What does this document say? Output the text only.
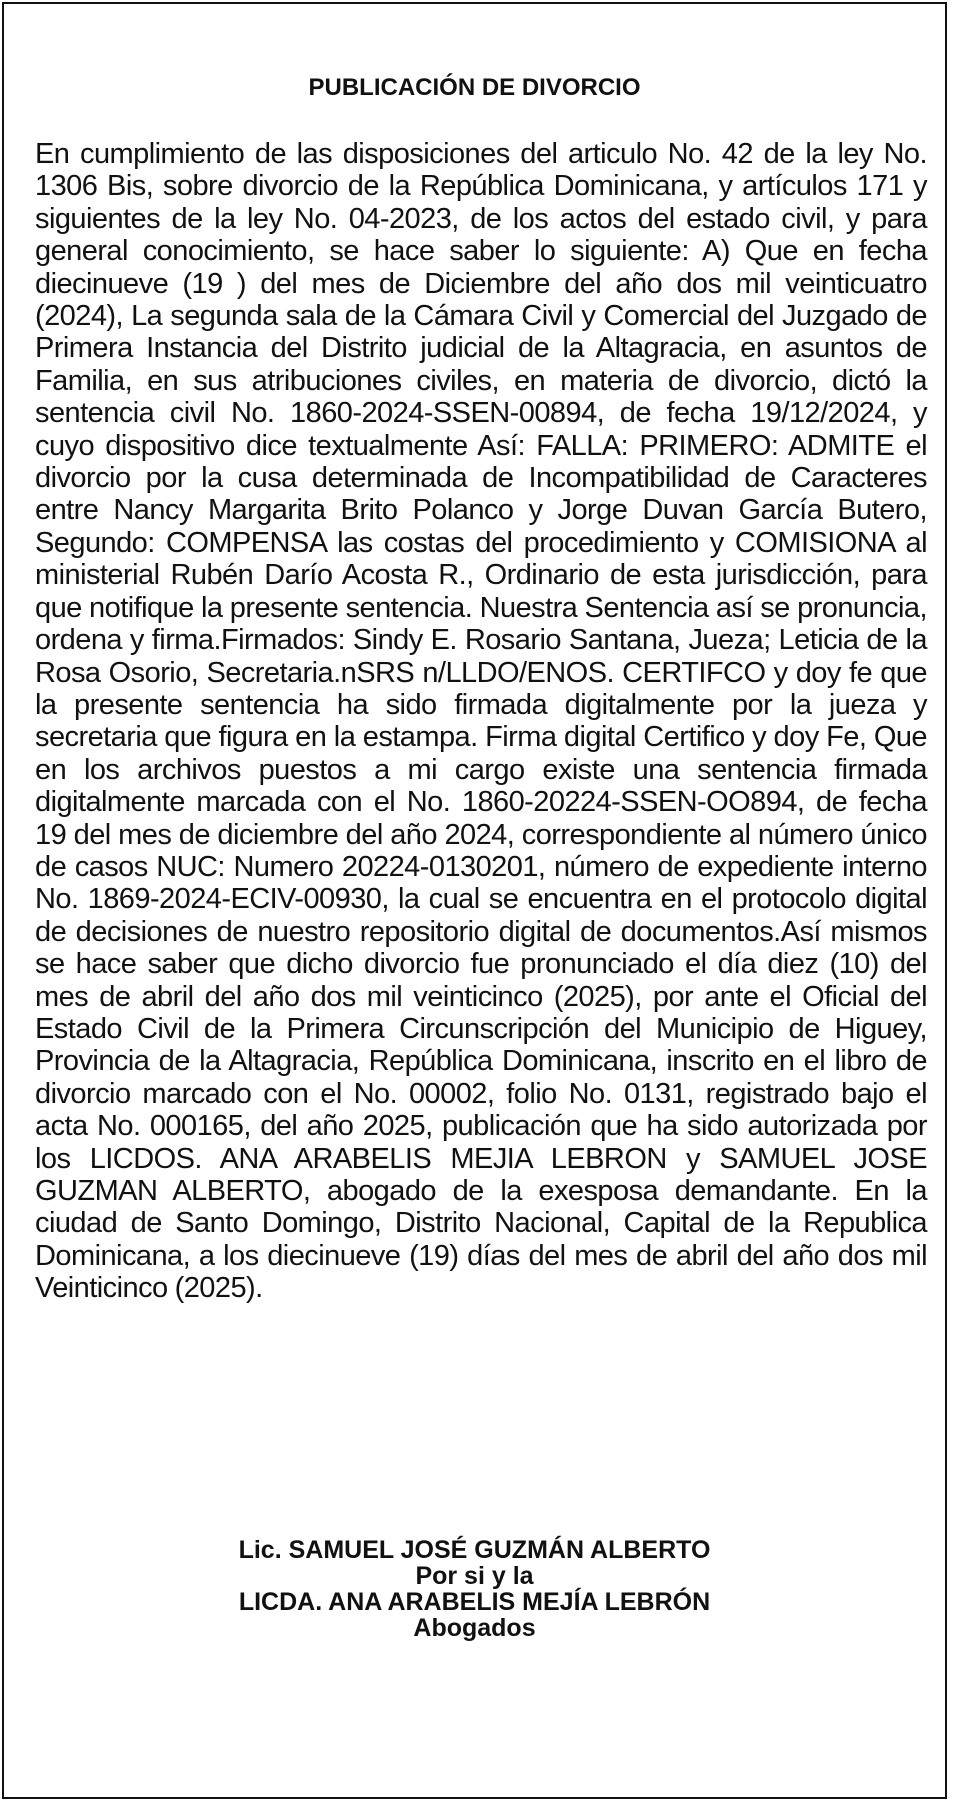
PUBLICACIÓN DE DIVORCIO

En cumplimiento de las disposiciones del articulo No. 42 de la ley No. 1306 Bis, sobre divorcio de la República Dominicana, y artículos 171 y siguientes de la ley No. 04-2023, de los actos del estado civil, y para general conocimiento, se hace saber lo siguiente: A) Que en fecha diecinueve (19 ) del mes de Diciembre del año dos mil veinticuatro (2024), La segunda sala de la Cámara Civil y Comercial del Juzgado de Primera Instancia del Distrito judicial de la Altagracia, en asuntos de Familia, en sus atribuciones civiles, en materia de divorcio, dictó la sentencia civil No. 1860-2024-SSEN-00894, de fecha 19/12/2024, y cuyo dispositivo dice textualmente Así: FALLA: PRIMERO: ADMITE el divorcio por la cusa determinada de Incompatibilidad de Caracteres entre Nancy Margarita Brito Polanco y Jorge Duvan García Butero, Segundo: COMPENSA las costas del procedimiento y COMISIONA al ministerial Rubén Darío Acosta R., Ordinario de esta jurisdicción, para que notifique la presente sentencia. Nuestra Sentencia así se pronuncia, ordena y firma.Firmados: Sindy E. Rosario Santana, Jueza; Leticia de la Rosa Osorio, Secretaria.nSRS n/LLDO/ENOS. CERTIFCO y doy fe que la presente sentencia ha sido firmada digitalmente por la jueza y secretaria que figura en la estampa. Firma digital Certifico y doy Fe, Que en los archivos puestos a mi cargo existe una sentencia firmada digitalmente marcada con el No. 1860-20224-SSEN-OO894, de fecha 19 del mes de diciembre del año 2024, correspondiente al número único de casos NUC: Numero 20224-0130201, número de expediente interno No. 1869-2024-ECIV-00930, la cual se encuentra en el protocolo digital de decisiones de nuestro repositorio digital de documentos.Así mismos se hace saber que dicho divorcio fue pronunciado el día diez (10) del mes de abril del año dos mil veinticinco (2025), por ante el Oficial del Estado Civil de la Primera Circunscripción del Municipio de Higuey, Provincia de la Altagracia, República Dominicana, inscrito en el libro de divorcio marcado con el No. 00002, folio No. 0131, registrado bajo el acta No. 000165, del año 2025, publicación que ha sido autorizada por los LICDOS. ANA ARABELIS MEJIA LEBRON y SAMUEL JOSE GUZMAN ALBERTO, abogado de la exesposa demandante. En la ciudad de Santo Domingo, Distrito Nacional, Capital de la Republica Dominicana, a los diecinueve (19) días del mes de abril del año dos mil Veinticinco (2025).

Lic. SAMUEL JOSÉ GUZMÁN ALBERTO
Por si y la
LICDA. ANA ARABELIS MEJÍA LEBRÓN
Abogados
